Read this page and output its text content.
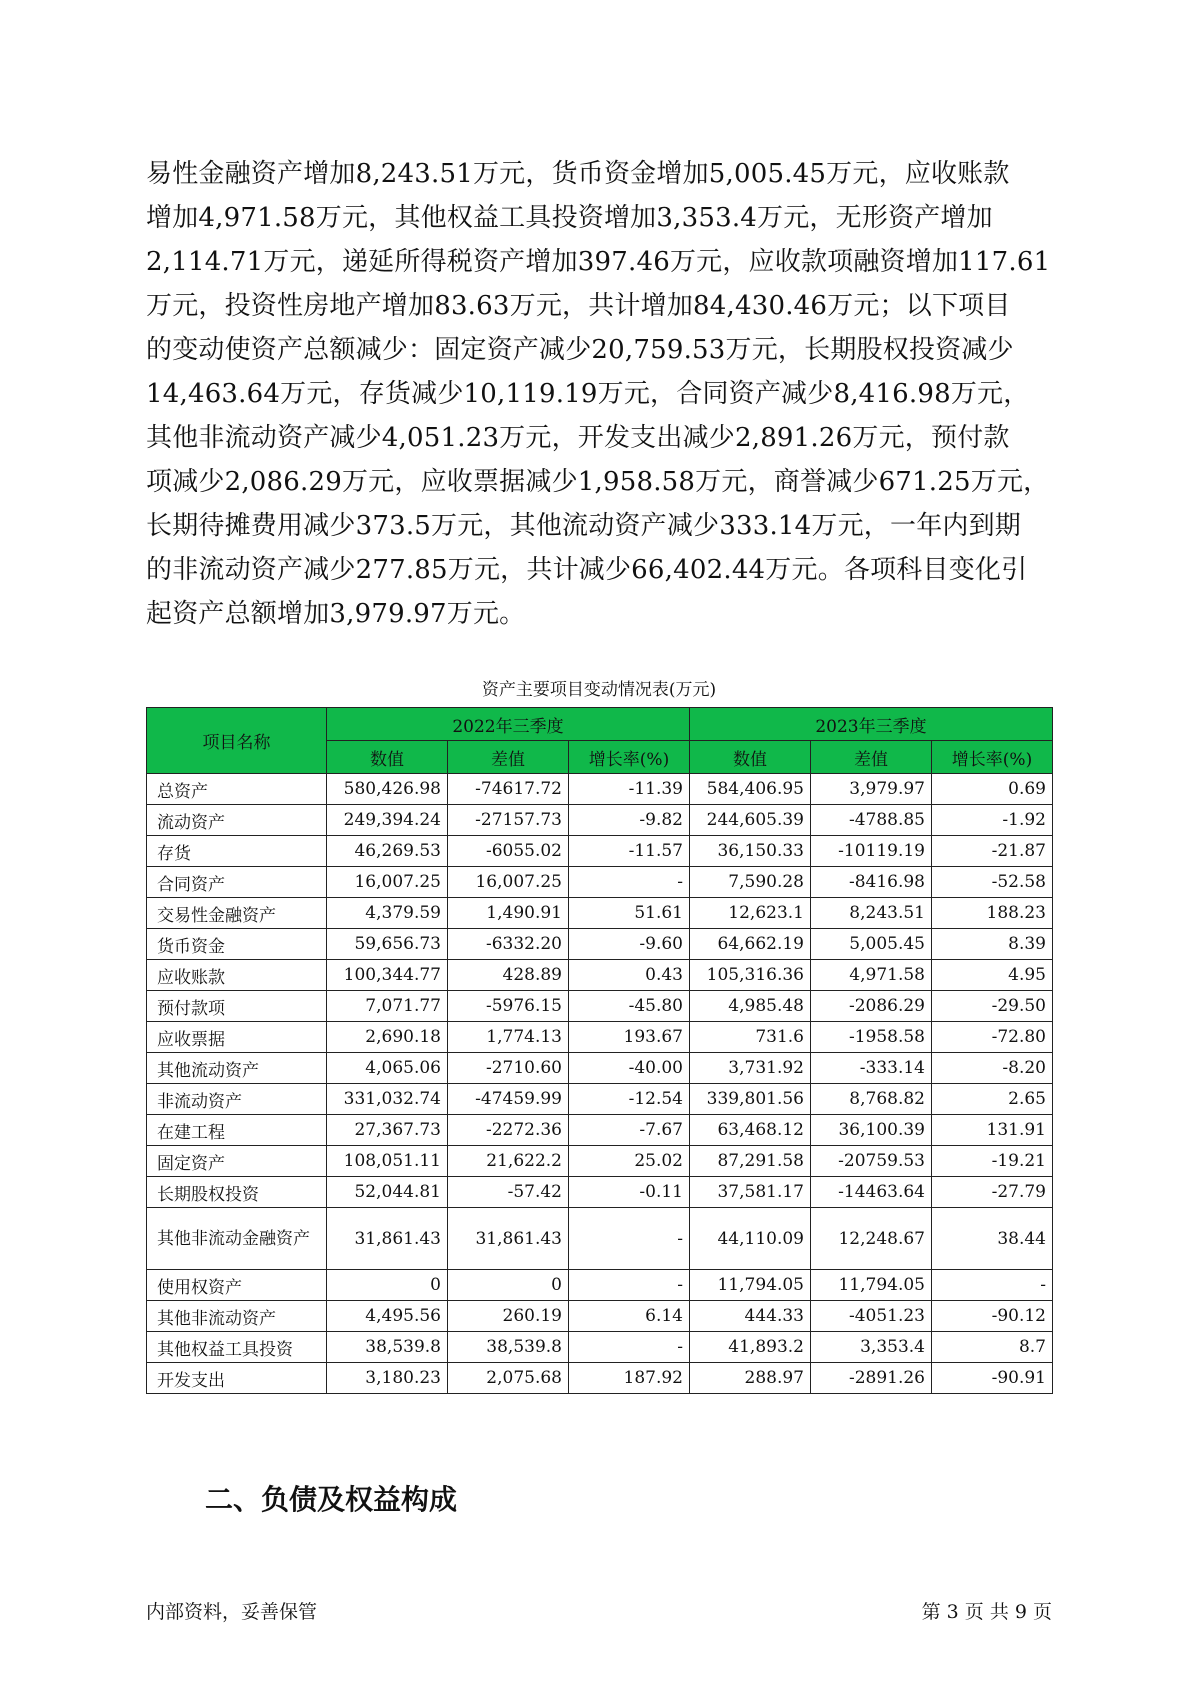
易性金融资产增加8,243.51万元，货币资金增加5,005.45万元，应收账款
增加4,971.58万元，其他权益工具投资增加3,353.4万元，无形资产增加
2,114.71万元，递延所得税资产增加397.46万元，应收款项融资增加117.61
万元，投资性房地产增加83.63万元，共计增加84,430.46万元；以下项目
的变动使资产总额减少：固定资产减少20,759.53万元，长期股权投资减少
14,463.64万元，存货减少10,119.19万元，合同资产减少8,416.98万元，
其他非流动资产减少4,051.23万元，开发支出减少2,891.26万元，预付款
项减少2,086.29万元，应收票据减少1,958.58万元，商誉减少671.25万元，
长期待摊费用减少373.5万元，其他流动资产减少333.14万元，一年内到期
的非流动资产减少277.85万元，共计减少66,402.44万元。各项科目变化引
起资产总额增加3,979.97万元。
资产主要项目变动情况表(万元)
项目名称	2022年三季度			2023年三季度		
	数值	差值	增长率(%)	数值	差值	增长率(%)
总资产	580,426.98	-74617.72	-11.39	584,406.95	3,979.97	0.69
流动资产	249,394.24	-27157.73	-9.82	244,605.39	-4788.85	-1.92
存货	46,269.53	-6055.02	-11.57	36,150.33	-10119.19	-21.87
合同资产	16,007.25	16,007.25	-	7,590.28	-8416.98	-52.58
交易性金融资产	4,379.59	1,490.91	51.61	12,623.1	8,243.51	188.23
货币资金	59,656.73	-6332.20	-9.60	64,662.19	5,005.45	8.39
应收账款	100,344.77	428.89	0.43	105,316.36	4,971.58	4.95
预付款项	7,071.77	-5976.15	-45.80	4,985.48	-2086.29	-29.50
应收票据	2,690.18	1,774.13	193.67	731.6	-1958.58	-72.80
其他流动资产	4,065.06	-2710.60	-40.00	3,731.92	-333.14	-8.20
非流动资产	331,032.74	-47459.99	-12.54	339,801.56	8,768.82	2.65
在建工程	27,367.73	-2272.36	-7.67	63,468.12	36,100.39	131.91
固定资产	108,051.11	21,622.2	25.02	87,291.58	-20759.53	-19.21
长期股权投资	52,044.81	-57.42	-0.11	37,581.17	-14463.64	-27.79
其他非流动金融资产	31,861.43	31,861.43	-	44,110.09	12,248.67	38.44
使用权资产	0	0	-	11,794.05	11,794.05	-
其他非流动资产	4,495.56	260.19	6.14	444.33	-4051.23	-90.12
其他权益工具投资	38,539.8	38,539.8	-	41,893.2	3,353.4	8.7
开发支出	3,180.23	2,075.68	187.92	288.97	-2891.26	-90.91
二、负债及权益构成
内部资料，妥善保管	第 3 页 共 9 页
